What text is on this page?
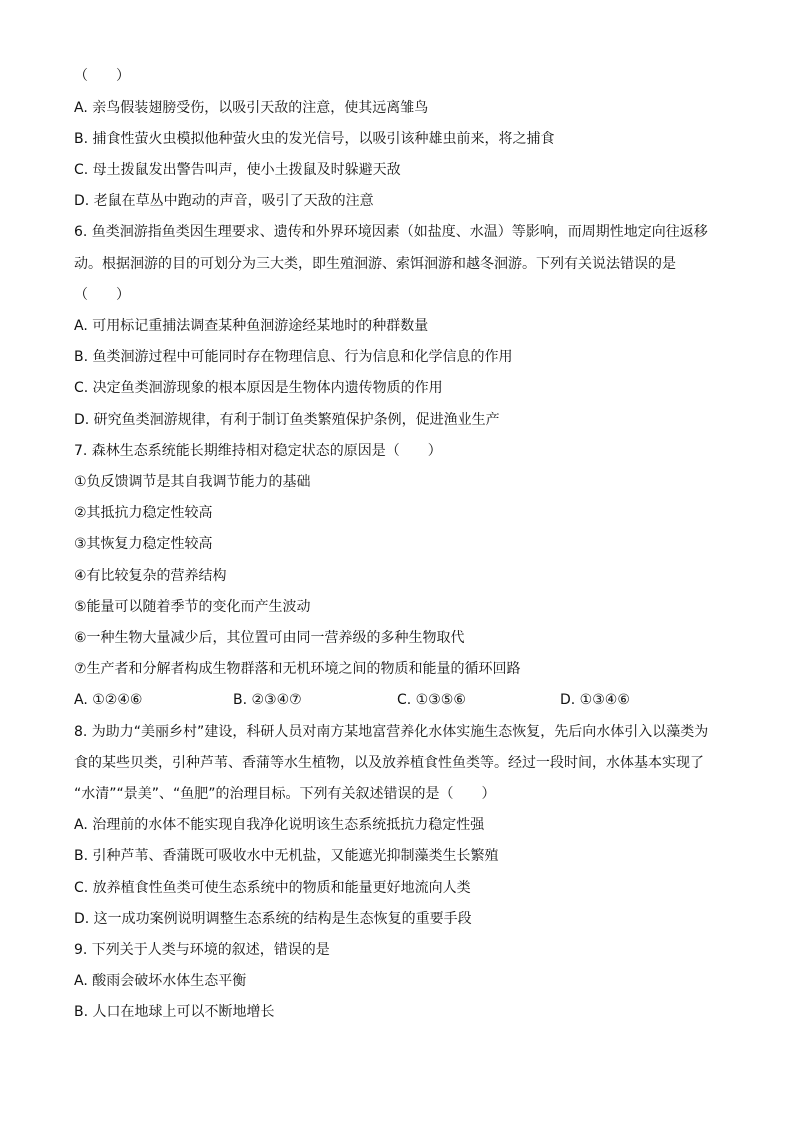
（　　）
A. 亲鸟假装翅膀受伤，以吸引天敌的注意，使其远离雏鸟
B. 捕食性萤火虫模拟他种萤火虫的发光信号，以吸引该种雄虫前来，将之捕食
C. 母土拨鼠发出警告叫声，使小土拨鼠及时躲避天敌
D. 老鼠在草丛中跑动的声音，吸引了天敌的注意
6. 鱼类洄游指鱼类因生理要求、遗传和外界环境因素（如盐度、水温）等影响，而周期性地定向往返移
动。根据洄游的目的可划分为三大类，即生殖洄游、索饵洄游和越冬洄游。下列有关说法错误的是
（　　）
A. 可用标记重捕法调查某种鱼洄游途经某地时的种群数量
B. 鱼类洄游过程中可能同时存在物理信息、行为信息和化学信息的作用
C. 决定鱼类洄游现象的根本原因是生物体内遗传物质的作用
D. 研究鱼类洄游规律，有利于制订鱼类繁殖保护条例，促进渔业生产
7. 森林生态系统能长期维持相对稳定状态的原因是（　　）
①负反馈调节是其自我调节能力的基础
②其抵抗力稳定性较高
③其恢复力稳定性较高
④有比较复杂的营养结构
⑤能量可以随着季节的变化而产生波动
⑥一种生物大量减少后，其位置可由同一营养级的多种生物取代
⑦生产者和分解者构成生物群落和无机环境之间的物质和能量的循环回路
A. ①②④⑥	B. ②③④⑦	C. ①③⑤⑥	D. ①③④⑥
8. 为助力“美丽乡村”建设，科研人员对南方某地富营养化水体实施生态恢复，先后向水体引入以藻类为
食的某些贝类，引种芦苇、香蒲等水生植物，以及放养植食性鱼类等。经过一段时间，水体基本实现了
“水清”“景美”、“鱼肥”的治理目标。下列有关叙述错误的是（　　）
A. 治理前的水体不能实现自我净化说明该生态系统抵抗力稳定性强
B. 引种芦苇、香蒲既可吸收水中无机盐，又能遮光抑制藻类生长繁殖
C. 放养植食性鱼类可使生态系统中的物质和能量更好地流向人类
D. 这一成功案例说明调整生态系统的结构是生态恢复的重要手段
9. 下列关于人类与环境的叙述，错误的是
A. 酸雨会破坏水体生态平衡
B. 人口在地球上可以不断地增长
